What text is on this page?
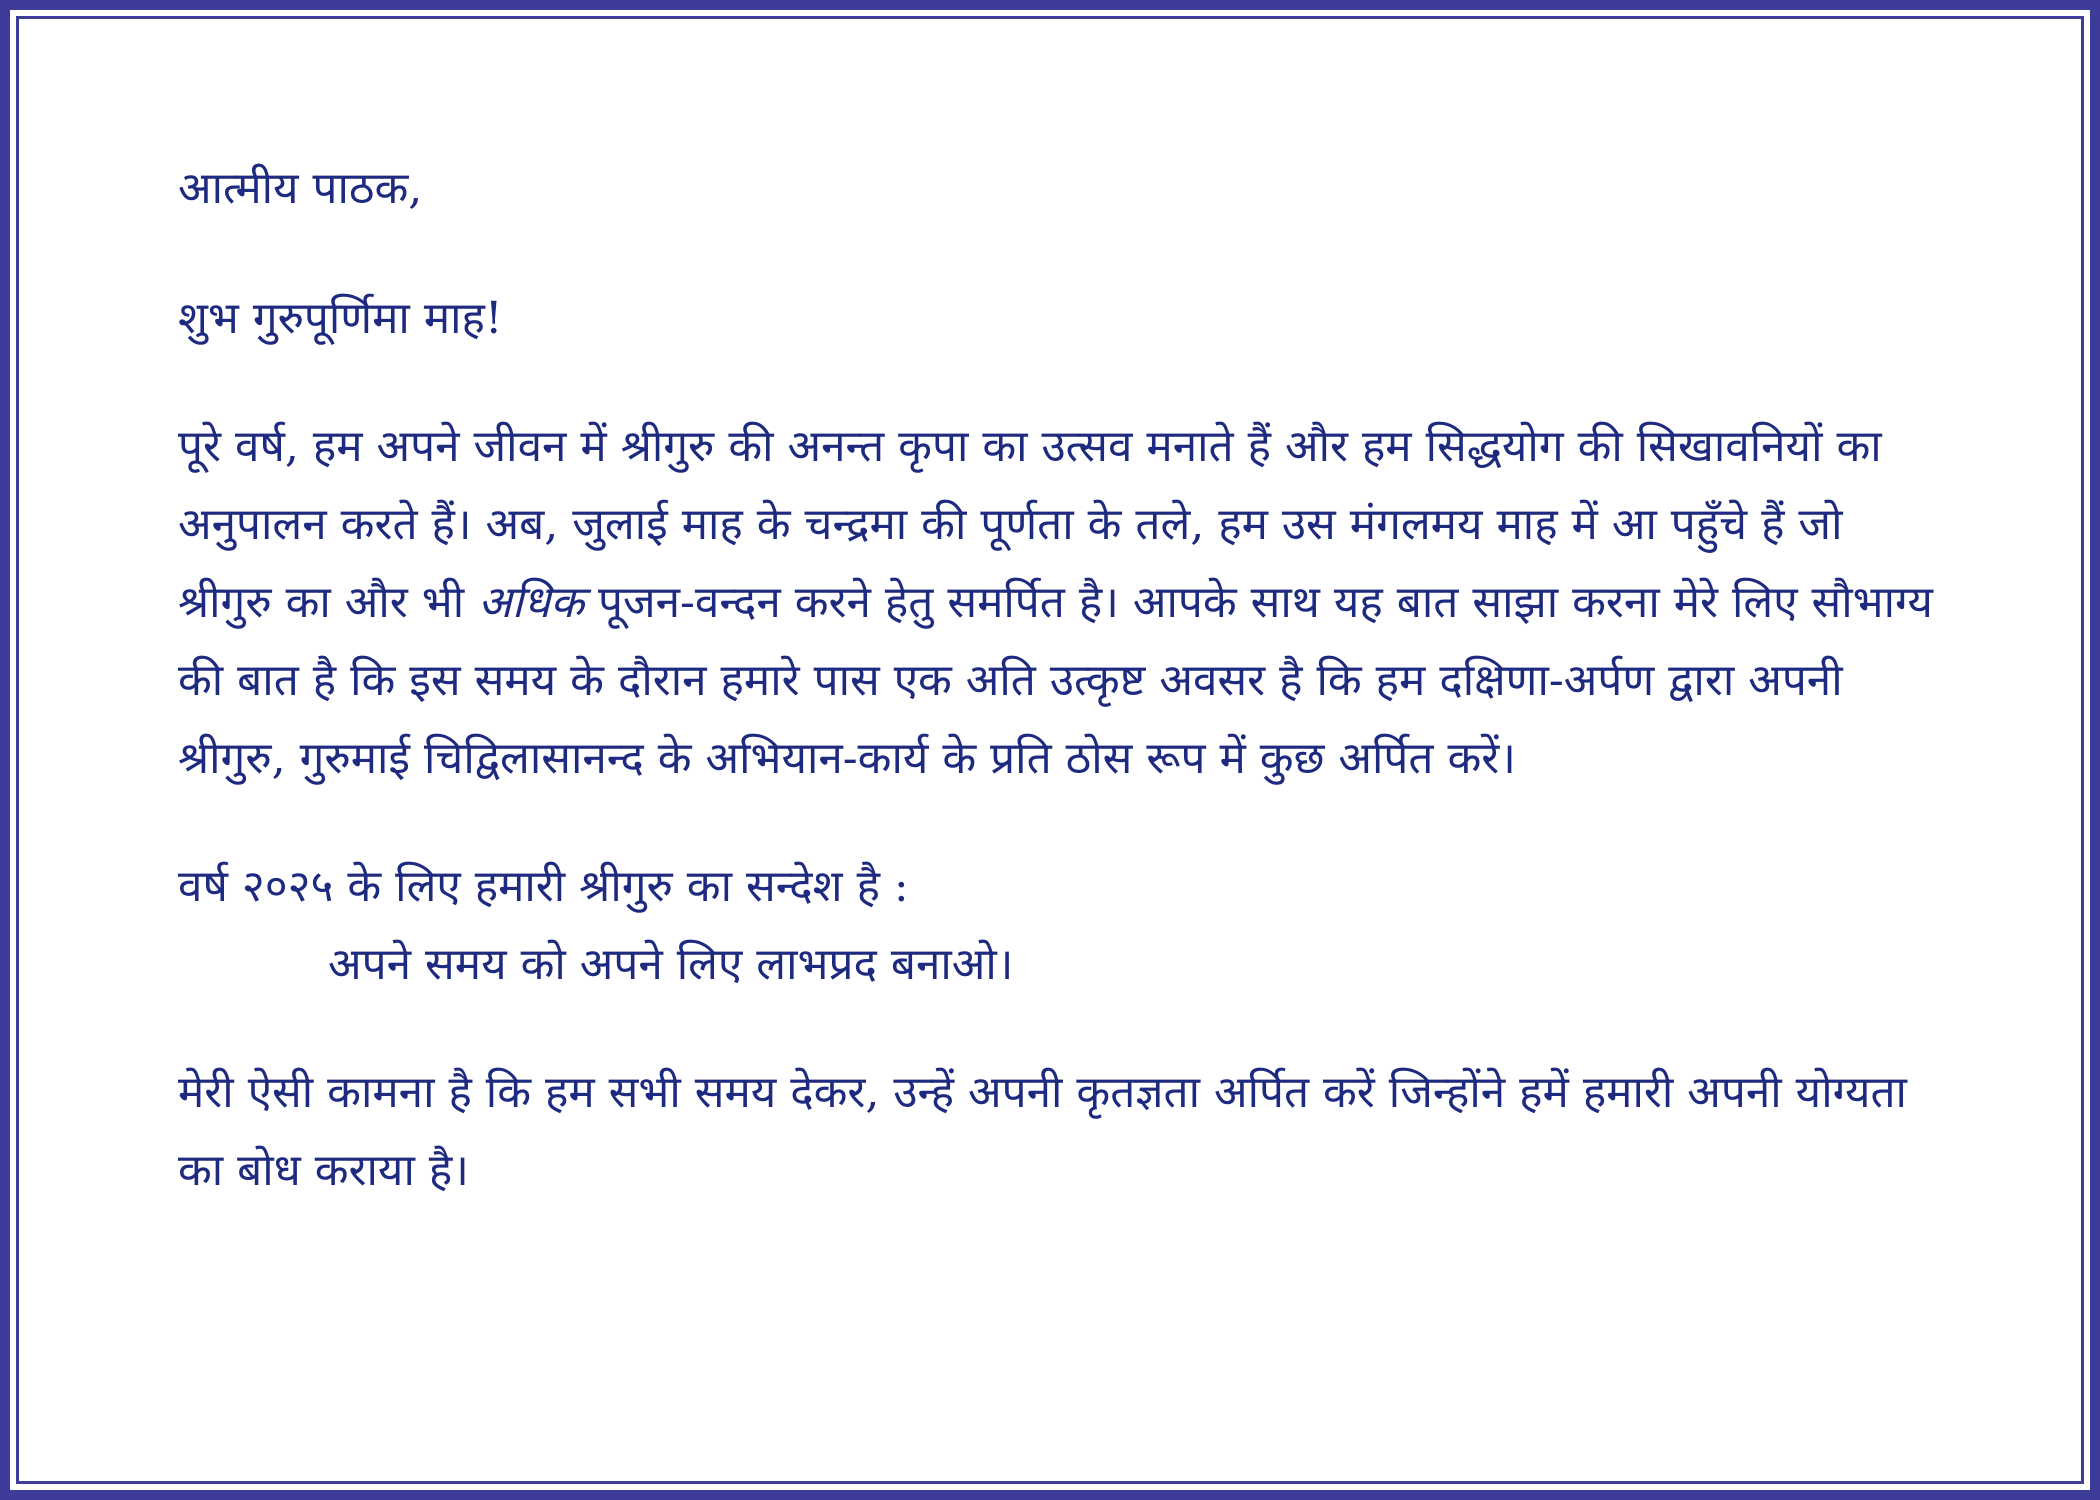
आत्मीय पाठक,

शुभ गुरुपूर्णिमा माह!

पूरे वर्ष, हम अपने जीवन में श्रीगुरु की अनन्त कृपा का उत्सव मनाते हैं और हम सिद्धयोग की सिखावनियों का अनुपालन करते हैं। अब, जुलाई माह के चन्द्रमा की पूर्णता के तले, हम उस मंगलमय माह में आ पहुँचे हैं जो श्रीगुरु का और भी अधिक पूजन-वन्दन करने हेतु समर्पित है। आपके साथ यह बात साझा करना मेरे लिए सौभाग्य की बात है कि इस समय के दौरान हमारे पास एक अति उत्कृष्ट अवसर है कि हम दक्षिणा-अर्पण द्वारा अपनी श्रीगुरु, गुरुमाई चिद्विलासानन्द के अभियान-कार्य के प्रति ठोस रूप में कुछ अर्पित करें।

वर्ष २०२५ के लिए हमारी श्रीगुरु का सन्देश है :

अपने समय को अपने लिए लाभप्रद बनाओ।

मेरी ऐसी कामना है कि हम सभी समय देकर, उन्हें अपनी कृतज्ञता अर्पित करें जिन्होंने हमें हमारी अपनी योग्यता का बोध कराया है।
